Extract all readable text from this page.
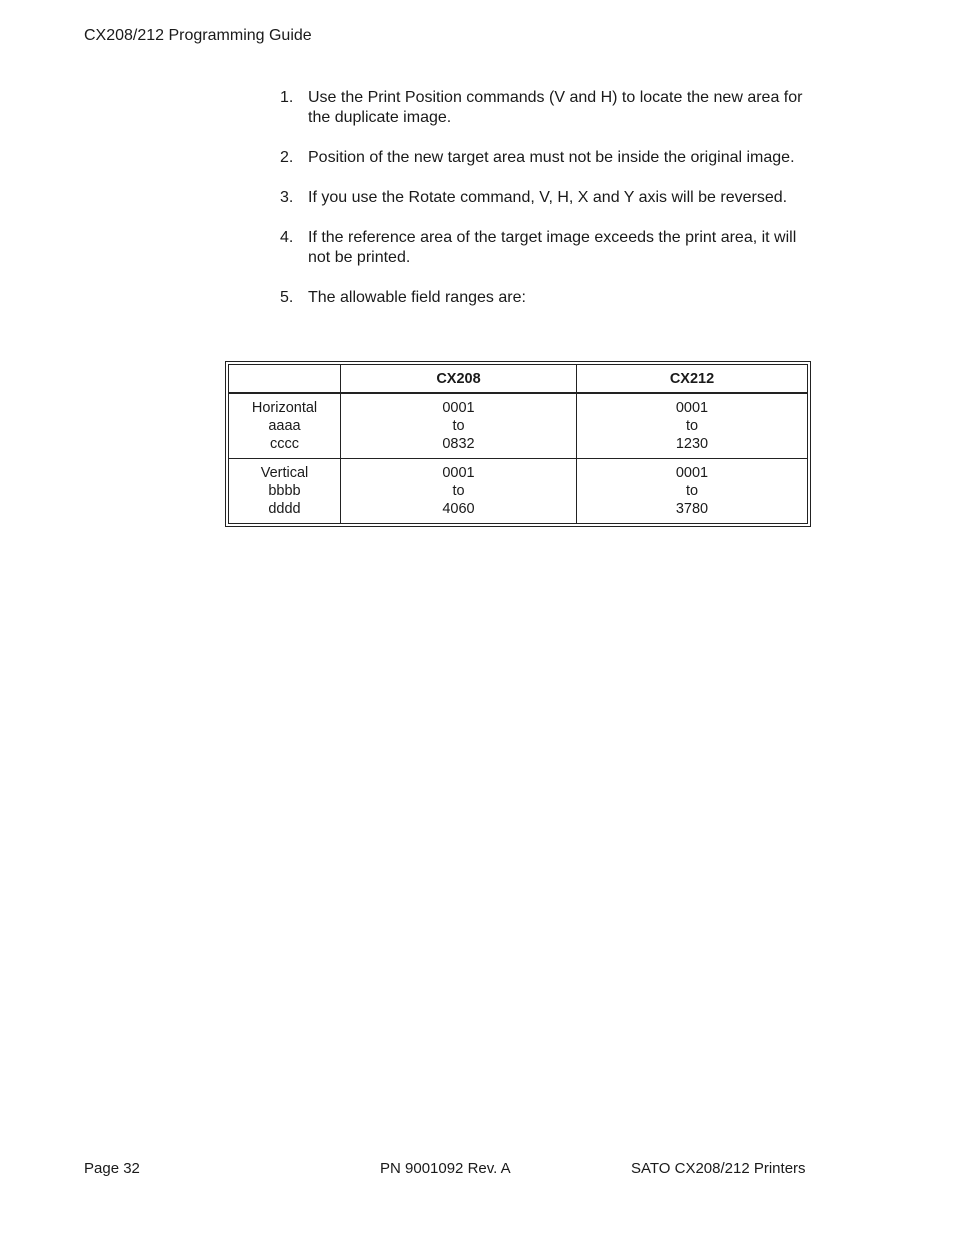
CX208/212 Programming Guide
1. Use the Print Position commands (V and H) to locate the new area for the duplicate image.
2. Position of the new target area must not be inside the original image.
3. If you use the Rotate command, V, H, X and Y axis will be reversed.
4. If the reference area of the target image exceeds the print area, it will not be printed.
5. The allowable field ranges are:
	CX208	CX212

Horizontal
aaaa
cccc	0001
to
0832	0001
to
1230

Vertical
bbbb
dddd	0001
to
4060	0001
to
3780
Page 32	PN 9001092 Rev. A	SATO CX208/212 Printers
